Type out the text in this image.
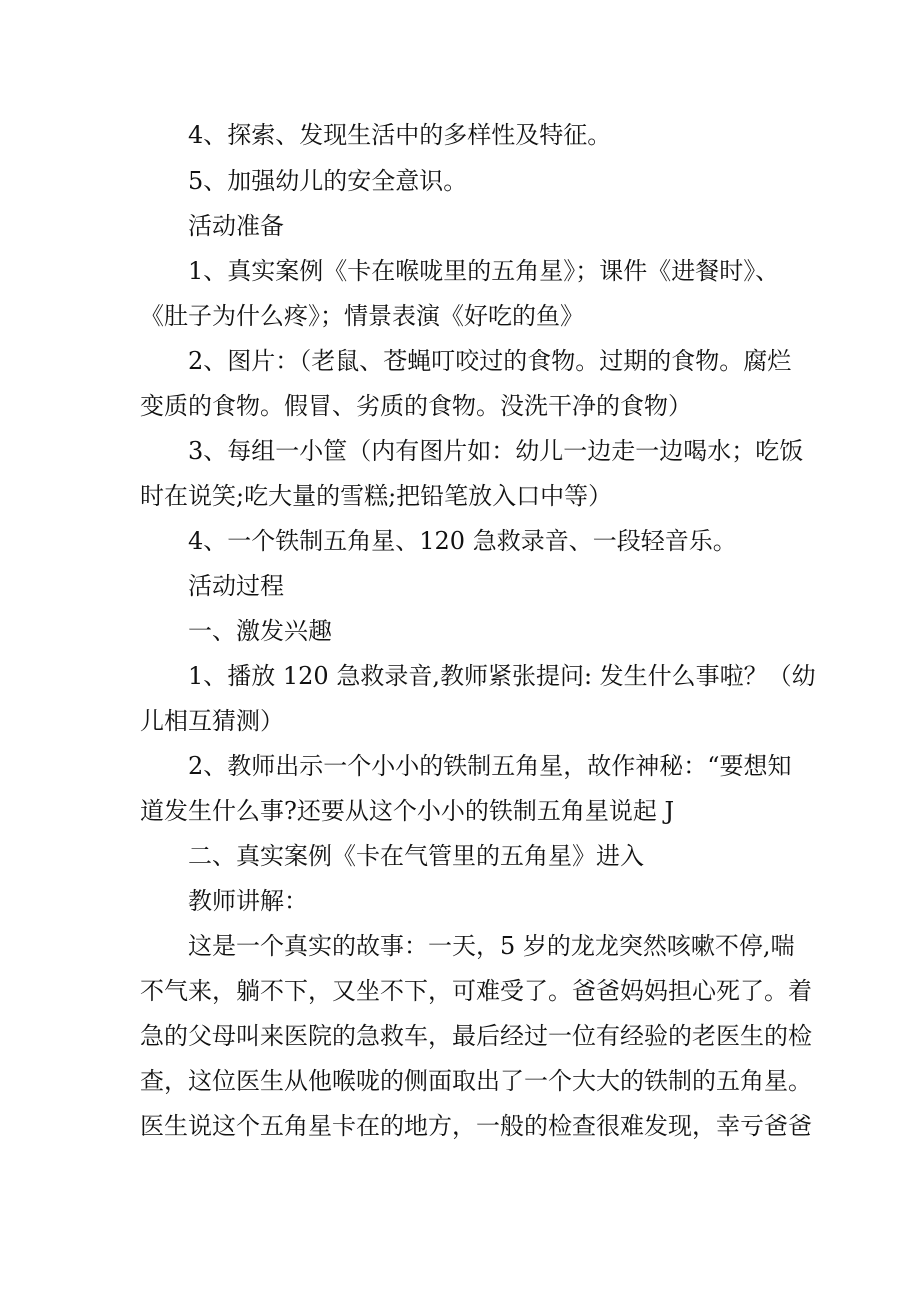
4、探索、发现生活中的多样性及特征。
5、加强幼儿的安全意识。
活动准备
1、真实案例《卡在喉咙里的五角星》；课件《进餐时》、
《肚子为什么疼》；情景表演《好吃的鱼》
2、图片：（老鼠、苍蝇叮咬过的食物。过期的食物。腐烂
变质的食物。假冒、劣质的食物。没洗干净的食物）
3、每组一小筐（内有图片如：幼儿一边走一边喝水；吃饭
时在说笑;吃大量的雪糕;把铅笔放入口中等）
4、一个铁制五角星、120 急救录音、一段轻音乐。
活动过程
一、激发兴趣
1、播放 120 急救录音,教师紧张提问: 发生什么事啦？（幼
儿相互猜测）
2、教师出示一个小小的铁制五角星，故作神秘：“要想知
道发生什么事?还要从这个小小的铁制五角星说起 J
二、真实案例《卡在气管里的五角星》进入
教师讲解：
这是一个真实的故事：一天，5 岁的龙龙突然咳嗽不停,喘
不气来，躺不下，又坐不下，可难受了。爸爸妈妈担心死了。着
急的父母叫来医院的急救车，最后经过一位有经验的老医生的检
查，这位医生从他喉咙的侧面取出了一个大大的铁制的五角星。
医生说这个五角星卡在的地方，一般的检查很难发现，幸亏爸爸
